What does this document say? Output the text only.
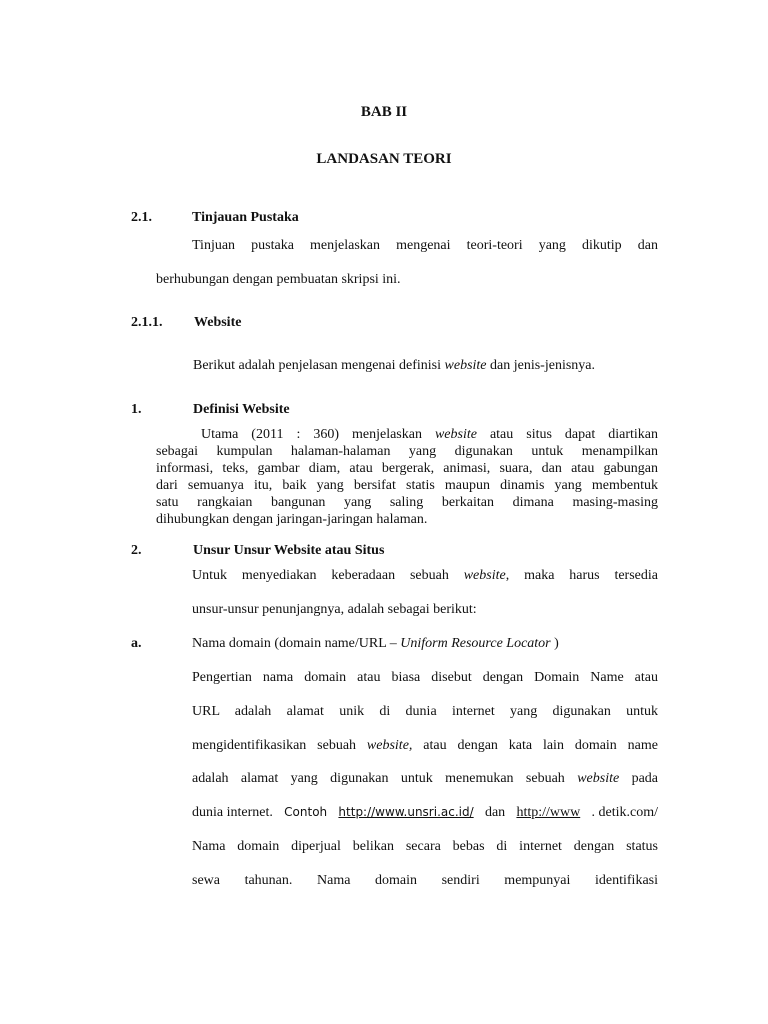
BAB II
LANDASAN TEORI
2.1.	Tinjauan Pustaka
Tinjuan pustaka menjelaskan mengenai teori-teori yang dikutip dan
berhubungan dengan pembuatan skripsi ini.
2.1.1. Website
Berikut adalah penjelasan mengenai definisi website dan jenis-jenisnya.
1.	Definisi Website
Utama (2011 : 360) menjelaskan website atau situs dapat diartikan
sebagai kumpulan halaman-halaman yang digunakan untuk menampilkan
informasi, teks, gambar diam, atau bergerak, animasi, suara, dan atau gabungan
dari semuanya itu, baik yang bersifat statis maupun dinamis yang membentuk
satu rangkaian bangunan yang saling berkaitan dimana masing-masing
dihubungkan dengan jaringan-jaringan halaman.
2.	Unsur Unsur Website atau Situs
Untuk menyediakan keberadaan sebuah website, maka harus tersedia
unsur-unsur penunjangnya, adalah sebagai berikut:
a.	Nama domain (domain name/URL – Uniform Resource Locator )
Pengertian nama domain atau biasa disebut dengan Domain Name atau
URL adalah alamat unik di dunia internet yang digunakan untuk
mengidentifikasikan sebuah website, atau dengan kata lain domain name
adalah alamat yang digunakan untuk menemukan sebuah website pada
dunia internet. Contoh http://www.unsri.ac.id/ dan http://www . detik.com/
Nama domain diperjual belikan secara bebas di internet dengan status
sewa tahunan. Nama domain sendiri mempunyai identifikasi
